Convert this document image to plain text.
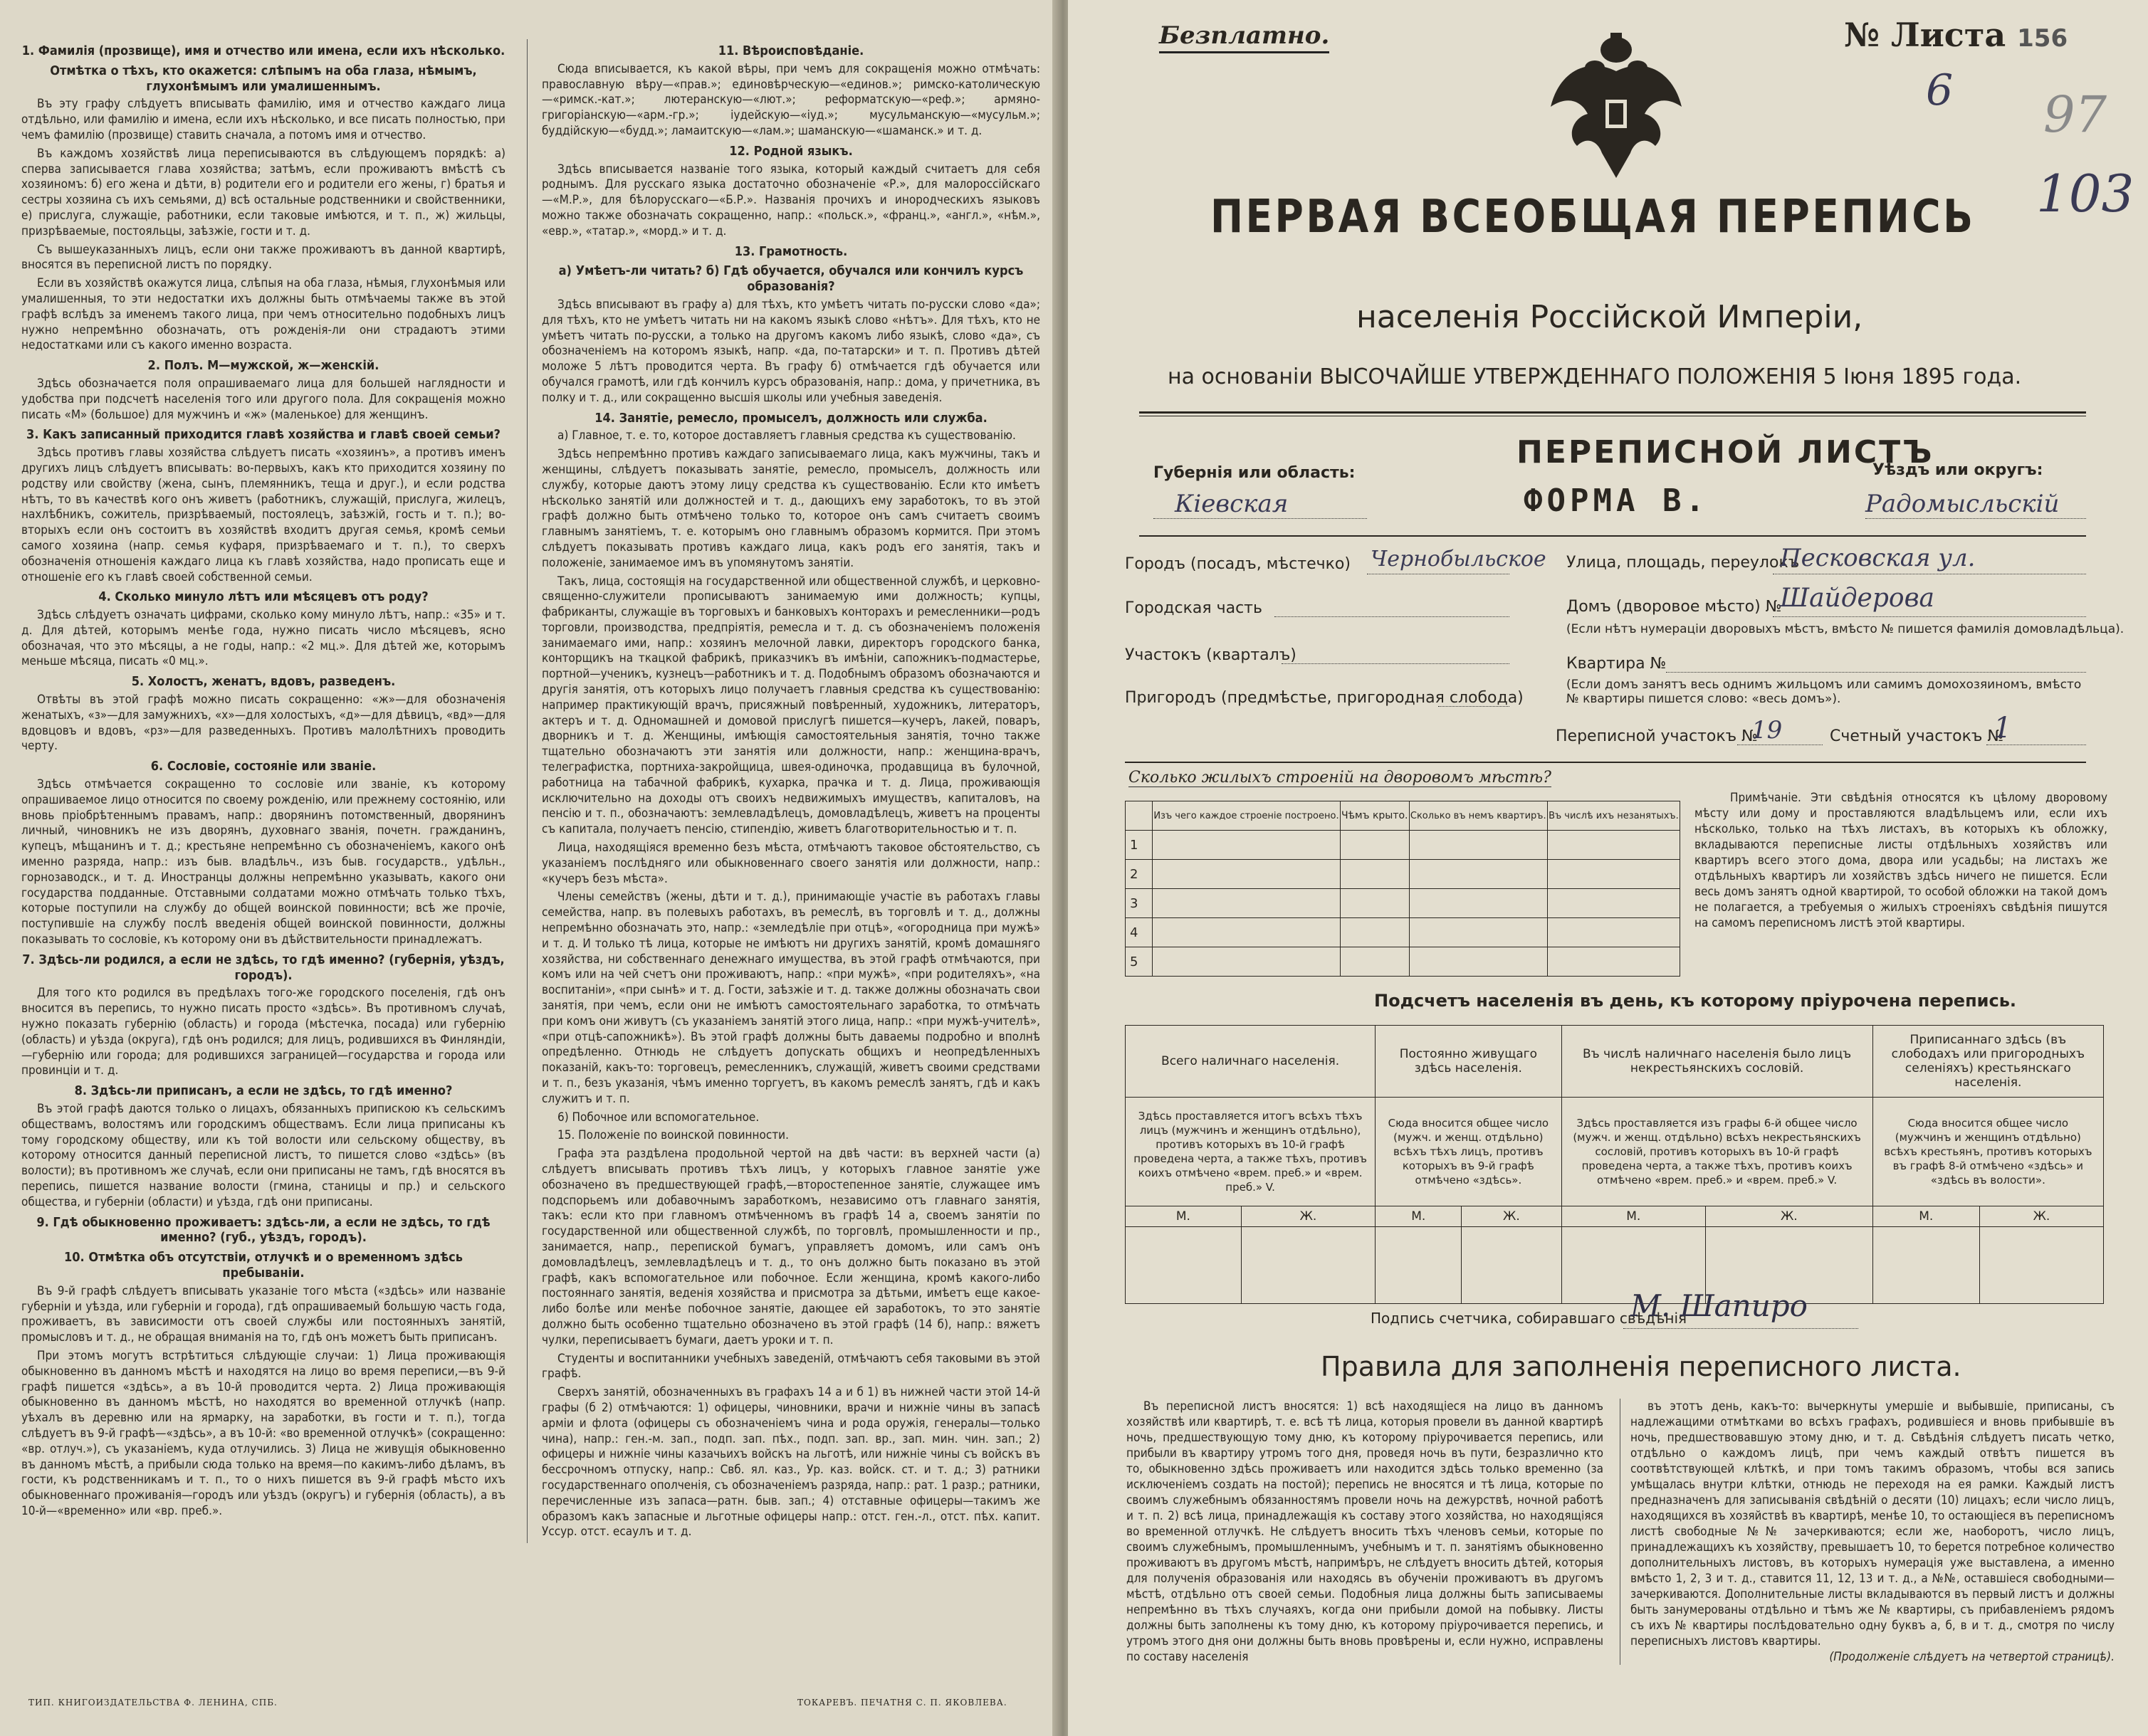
1. Фамилія (прозвище), имя и отчество или имена, если ихъ нѣсколько.

Отмѣтка о тѣхъ, кто окажется: слѣпымъ на оба глаза, нѣмымъ, глухонѣмымъ или умалишеннымъ.

Въ эту графу слѣдуетъ вписывать фамилію, имя и отчество каждаго лица отдѣльно, или фамилію и имена, если ихъ нѣсколько, и все писать полностью, при чемъ фамилію (прозвище) ставить сначала, а потомъ имя и отчество.

Въ каждомъ хозяйствѣ лица переписываются въ слѣдующемъ порядкѣ: а) сперва записывается глава хозяйства; затѣмъ, если проживаютъ вмѣстѣ съ хозяиномъ: б) его жена и дѣти, в) родители его и родители его жены, г) братья и сестры хозяина съ ихъ семьями, д) всѣ остальные родственники и свойственники, е) прислуга, служащіе, работники, если таковые имѣются, и т. п., ж) жильцы, призрѣваемые, постояльцы, заѣзжіе, гости и т. д.

Съ вышеуказанныхъ лицъ, если они также проживаютъ въ данной квартирѣ, вносятся въ переписной листъ по порядку.

Если въ хозяйствѣ окажутся лица, слѣпыя на оба глаза, нѣмыя, глухонѣмыя или умалишенныя, то эти недостатки ихъ должны быть отмѣчаемы также въ этой графѣ вслѣдъ за именемъ такого лица, при чемъ относительно подобныхъ лицъ нужно непремѣнно обозначать, отъ рожденія-ли они страдаютъ этими недостатками или съ какого именно возраста.

2. Полъ. М—мужской, ж—женскій.

Здѣсь обозначается поля опрашиваемаго лица для большей наглядности и удобства при подсчетѣ населенія того или другого пола. Для сокращенія можно писать «М» (большое) для мужчинъ и «ж» (маленькое) для женщинъ.

3. Какъ записанный приходится главѣ хозяйства и главѣ своей семьи?

Здѣсь противъ главы хозяйства слѣдуетъ писать «хозяинъ», а противъ именъ другихъ лицъ слѣдуетъ вписывать: во-первыхъ, какъ кто приходится хозяину по родству или свойству (жена, сынъ, племянникъ, теща и друг.), и если родства нѣтъ, то въ качествѣ кого онъ живетъ (работникъ, служащій, прислуга, жилецъ, нахлѣбникъ, сожитель, призрѣваемый, постоялецъ, заѣзжій, гость и т. п.); во-вторыхъ если онъ состоитъ въ хозяйствѣ входитъ другая семья, кромѣ семьи самого хозяина (напр. семья куфаря, призрѣваемаго и т. п.), то сверхъ обозначенія отношенія каждаго лица къ главѣ хозяйства, надо прописать еще и отношеніе его къ главѣ своей собственной семьи.

4. Сколько минуло лѣтъ или мѣсяцевъ отъ роду?

Здѣсь слѣдуетъ означать цифрами, сколько кому минуло лѣтъ, напр.: «35» и т. д. Для дѣтей, которымъ менѣе года, нужно писать число мѣсяцевъ, ясно обозначая, что это мѣсяцы, а не годы, напр.: «2 мц.». Для дѣтей же, которымъ меньше мѣсяца, писать «0 мц.».

5. Холостъ, женатъ, вдовъ, разведенъ.

Отвѣты въ этой графѣ можно писать сокращенно: «ж»—для обозначенія женатыхъ, «з»—для замужнихъ, «х»—для холостыхъ, «д»—для дѣвицъ, «вд»—для вдовцовъ и вдовъ, «рз»—для разведенныхъ. Противъ малолѣтнихъ проводить черту.

6. Сословіе, состояніе или званіе.

Здѣсь отмѣчается сокращенно то сословіе или званіе, къ которому опрашиваемое лицо относится по своему рожденію, или прежнему состоянію, или вновь пріобрѣтеннымъ правамъ, напр.: дворянинъ потомственный, дворянинъ личный, чиновникъ не изъ дворянъ, духовнаго званія, почетн. гражданинъ, купецъ, мѣщанинъ и т. д.; крестьяне непремѣнно съ обозначеніемъ, какого онѣ именно разряда, напр.: изъ быв. владѣльч., изъ быв. государств., удѣльн., горнозаводск., и т. д. Иностранцы должны непремѣнно указывать, какого они государства подданные. Отставными солдатами можно отмѣчать только тѣхъ, которые поступили на службу до общей воинской повинности; всѣ же прочіе, поступившіе на службу послѣ введенія общей воинской повинности, должны показывать то сословіе, къ которому они въ дѣйствительности принадлежатъ.

7. Здѣсь-ли родился, а если не здѣсь, то гдѣ именно? (губернія, уѣздъ, городъ).

Для того кто родился въ предѣлахъ того-же городского поселенія, гдѣ онъ вносится въ перепись, то нужно писать просто «здѣсь». Въ противномъ случаѣ, нужно показать губернію (область) и города (мѣстечка, посада) или губернію (область) и уѣзда (округа), гдѣ онъ родился; для лицъ, родившихся въ Финляндіи,—губернію или города; для родившихся заграницей—государства и города или провинціи и т. д.

8. Здѣсь-ли приписанъ, а если не здѣсь, то гдѣ именно?

Въ этой графѣ даются только о лицахъ, обязанныхъ припискою къ сельскимъ обществамъ, волостямъ или городскимъ обществамъ. Если лица приписаны къ тому городскому обществу, или къ той волости или сельскому обществу, въ которому относится данный переписной листъ, то пишется слово «здѣсь» (въ волости); въ противномъ же случаѣ, если они приписаны не тамъ, гдѣ вносятся въ перепись, пишется название волости (гмина, станицы и пр.) и сельского общества, и губерніи (области) и уѣзда, гдѣ они приписаны.

9. Гдѣ обыкновенно проживаетъ: здѣсь-ли, а если не здѣсь, то гдѣ именно? (губ., уѣздъ, городъ).

10. Отмѣтка объ отсутствіи, отлучкѣ и о временномъ здѣсь пребываніи.

Въ 9-й графѣ слѣдуетъ вписывать указаніе того мѣста («здѣсь» или названіе губерніи и уѣзда, или губерніи и города), гдѣ опрашиваемый большую часть года, проживаетъ, въ зависимости отъ своей службы или постоянныхъ занятій, промысловъ и т. д., не обращая вниманія на то, гдѣ онъ можетъ быть приписанъ.

При этомъ могутъ встрѣтиться слѣдующіе случаи: 1) Лица проживающія обыкновенно въ данномъ мѣстѣ и находятся на лицо во время переписи,—въ 9-й графѣ пишется «здѣсь», а въ 10-й проводится черта. 2) Лица проживающія обыкновенно въ данномъ мѣстѣ, но находятся во временной отлучкѣ (напр. уѣхалъ въ деревню или на ярмарку, на заработки, въ гости и т. п.), тогда слѣдуетъ въ 9-й графѣ—«здѣсь», а въ 10-й: «во временной отлучкѣ» (сокращенно: «вр. отлуч.»), съ указаніемъ, куда отлучились. 3) Лица не живущія обыкновенно въ данномъ мѣстѣ, а прибыли сюда только на время—по какимъ-либо дѣламъ, въ гости, къ родственникамъ и т. п., то о нихъ пишется въ 9-й графѣ мѣсто ихъ обыкновеннаго проживанія—городъ или уѣздъ (округъ) и губернія (область), а въ 10-й—«временно» или «вр. преб.».

11. Вѣроисповѣданіе.

Сюда вписывается, къ какой вѣры, при чемъ для сокращенія можно отмѣчать: православную вѣру—«прав.»; единовѣрческую—«единов.»; римско-католическую—«римск.-кат.»; лютеранскую—«лют.»; реформатскую—«реф.»; армяно-григоріанскую—«арм.-гр.»; іудейскую—«іуд.»; мусульманскую—«мусульм.»; буддійскую—«будд.»; ламаитскую—«лам.»; шаманскую—«шаманск.» и т. д.

12. Родной языкъ.

Здѣсь вписывается названіе того языка, который каждый считаетъ для себя роднымъ. Для русскаго языка достаточно обозначеніе «Р.», для малороссійскаго—«М.Р.», для бѣлорусскаго—«Б.Р.». Названія прочихъ и инородческихъ языковъ можно также обозначать сокращенно, напр.: «польск.», «франц.», «англ.», «нѣм.», «евр.», «татар.», «морд.» и т. д.

13. Грамотность.

а) Умѣетъ-ли читать? б) Гдѣ обучается, обучался или кончилъ курсъ образованія?

Здѣсь вписывают въ графу а) для тѣхъ, кто умѣетъ читать по-русски слово «да»; для тѣхъ, кто не умѣетъ читать ни на какомъ языкѣ слово «нѣтъ». Для тѣхъ, кто не умѣетъ читать по-русски, а только на другомъ какомъ либо языкѣ, слово «да», съ обозначеніемъ на которомъ языкѣ, напр. «да, по-татарски» и т. п. Противъ дѣтей моложе 5 лѣтъ проводится черта. Въ графу б) отмѣчается гдѣ обучается или обучался грамотѣ, или гдѣ кончилъ курсъ образованія, напр.: дома, у причетника, въ полку и т. д., или сокращенно высшія школы или учебныя заведенія.

14. Занятіе, ремесло, промыселъ, должность или служба.

а) Главное, т. е. то, которое доставляетъ главныя средства къ существованію.

Здѣсь непремѣнно противъ каждаго записываемаго лица, какъ мужчины, такъ и женщины, слѣдуетъ показывать занятіе, ремесло, промыселъ, должность или службу, которые даютъ этому лицу средства къ существованію. Если кто имѣетъ нѣсколько занятій или должностей и т. д., дающихъ ему заработокъ, то въ этой графѣ должно быть отмѣчено только то, которое онъ самъ считаетъ своимъ главнымъ занятіемъ, т. е. которымъ оно главнымъ образомъ кормится. При этомъ слѣдуетъ показывать противъ каждаго лица, какъ родъ его занятія, такъ и положеніе, занимаемое имъ въ упомянутомъ занятіи.

Такъ, лица, состоящія на государственной или общественной службѣ, и церковно-священно-служители прописываютъ занимаемую ими должность; купцы, фабриканты, служащіе въ торговыхъ и банковыхъ конторахъ и ремесленники—родъ торговли, производства, предпріятія, ремесла и т. д. съ обозначеніемъ положенія занимаемаго ими, напр.: хозяинъ мелочной лавки, директоръ городского банка, конторщикъ на ткацкой фабрикѣ, приказчикъ въ имѣніи, сапожникъ-подмастерье, портной—ученикъ, кузнецъ—работникъ и т. д. Подобнымъ образомъ обозначаются и другія занятія, отъ которыхъ лицо получаетъ главныя средства къ существованію: например практикующій врачъ, присяжный повѣренный, художникъ, литераторъ, актеръ и т. д. Одномашней и домовой прислугѣ пишется—кучеръ, лакей, поваръ, дворникъ и т. д. Женщины, имѣющія самостоятельныя занятія, точно также тщательно обозначаютъ эти занятія или должности, напр.: женщина-врачъ, телеграфистка, портниха-закройщица, швея-одиночка, продавщица въ булочной, работница на табачной фабрикѣ, кухарка, прачка и т. д. Лица, проживающія исключительно на доходы отъ своихъ недвижимыхъ имуществъ, капиталовъ, на пенсію и т. п., обозначаютъ: землевладѣлецъ, домовладѣлецъ, живетъ на проценты съ капитала, получаетъ пенсію, стипендію, живетъ благотворительностью и т. п.

Лица, находящіяся временно безъ мѣста, отмѣчаютъ таковое обстоятельство, съ указаніемъ послѣдняго или обыкновеннаго своего занятія или должности, напр.: «кучеръ безъ мѣста».

Члены семействъ (жены, дѣти и т. д.), принимающіе участіе въ работахъ главы семейства, напр. въ полевыхъ работахъ, въ ремеслѣ, въ торговлѣ и т. д., должны непремѣнно обозначать это, напр.: «земледѣліе при отцѣ», «огородница при мужѣ» и т. д. И только тѣ лица, которые не имѣютъ ни другихъ занятій, кромѣ домашняго хозяйства, ни собственнаго денежнаго имущества, въ этой графѣ отмѣчаются, при комъ или на чей счетъ они проживаютъ, напр.: «при мужѣ», «при родителяхъ», «на воспитаніи», «при сынѣ» и т. д. Гости, заѣзжіе и т. д. также должны обозначать свои занятія, при чемъ, если они не имѣютъ самостоятельнаго заработка, то отмѣчать при комъ они живутъ (съ указаніемъ занятій этого лица, напр.: «при мужѣ-учителѣ», «при отцѣ-сапожникѣ»). Въ этой графѣ должны быть даваемы подробно и вполнѣ опредѣленно. Отнюдь не слѣдуетъ допускать общихъ и неопредѣленныхъ показаній, какъ-то: торговецъ, ремесленникъ, служащій, живетъ своими средствами и т. п., безъ указанія, чѣмъ именно торгуетъ, въ какомъ ремеслѣ занятъ, гдѣ и какъ служитъ и т. п.

6) Побочное или вспомогательное.

15. Положеніе по воинской повинности.

Графа эта раздѣлена продольной чертой на двѣ части: въ верхней части (а) слѣдуетъ вписывать противъ тѣхъ лицъ, у которыхъ главное занятіе уже обозначено въ предшествующей графѣ,—второстепенное занятіе, служащее имъ подспорьемъ или добавочнымъ заработкомъ, независимо отъ главнаго занятія, такъ: если кто при главномъ отмѣченномъ въ графѣ 14 а, своемъ занятіи по государственной или общественной службѣ, по торговлѣ, промышленности и пр., занимается, напр., перепиской бумагъ, управляетъ домомъ, или самъ онъ домовладѣлецъ, землевладѣлецъ и т. д., то онъ должно быть показано въ этой графѣ, какъ вспомогательное или побочное. Если женщина, кромѣ какого-либо постояннаго занятія, веденія хозяйства и присмотра за дѣтьми, имѣетъ еще какое-либо болѣе или менѣе побочное занятіе, дающее ей заработокъ, то это занятіе должно быть особенно тщательно обозначено въ этой графѣ (14 б), напр.: вяжетъ чулки, переписываетъ бумаги, даетъ уроки и т. п.

Студенты и воспитанники учебныхъ заведеній, отмѣчаютъ себя таковыми въ этой графѣ.

Сверхъ занятій, обозначенныхъ въ графахъ 14 а и б 1) въ нижней части этой 14-й графы (б 2) отмѣчаются: 1) офицеры, чиновники, врачи и нижніе чины въ запасѣ арміи и флота (офицеры съ обозначеніемъ чина и рода оружія, генералы—только чина), напр.: ген.-м. зап., подп. зап. пѣх., подп. зап. вр., зап. мин. чин. зап.; 2) офицеры и нижніе чины казачьихъ войскъ на льготѣ, или нижніе чины съ войскъ въ бессрочномъ отпуску, напр.: Свб. ял. каз., Ур. каз. войск. ст. и т. д.; 3) ратники государственнаго ополченія, съ обозначеніемъ разряда, напр.: рат. 1 разр.; ратники, перечисленные изъ запаса—ратн. быв. зап.; 4) отставные офицеры—такимъ же образомъ какъ запасные и льготные офицеры напр.: отст. ген.-л., отст. пѣх. капит. Уссур. отст. есаулъ и т. д.

ТИП. КНИГОИЗДАТЕЛЬСТВА Ф. ЛЕНИНА, СПБ.	ТОКАРЕВЪ. ПЕЧАТНЯ С. П. ЯКОВЛЕВА.
Безплатно.	№ Листа 156
6 97
103
ПЕРВАЯ ВСЕОБЩАЯ ПЕРЕПИСЬ
населенія Россійской Имперіи,
на основаніи ВЫСОЧАЙШЕ УТВЕРЖДЕННАГО ПОЛОЖЕНІЯ 5 Іюня 1895 года.
ПЕРЕПИСНОЙ ЛИСТЪ
ФОРМА В.
Губернія или область:
Кіевская
Уѣздъ или округъ:
Радомысльскій
Городъ (посадъ, мѣстечко) Чернобыльское Улица, площадь, переулокъ
Песковская ул.
Городская часть	Домъ (дворовое мѣсто) №
Шайдерова
(Если нѣтъ нумераціи дворовыхъ мѣстъ, вмѣсто № пишется фамилія домовладѣльца).
Участокъ (кварталъ)	Квартира №
(Если домъ занятъ весь однимъ жильцомъ или самимъ домохозяиномъ, вмѣсто № квартиры пишется слово: «весь домъ»).
Пригородъ (предмѣстье, пригородная слобода)
Переписной участокъ №
19	Счетный участокъ №
1
Сколько жилыхъ строеній на дворовомъ мѣстѣ?
	Изъ чего каждое строеніе построено.	Чѣмъ крыто.	Сколько въ немъ квартиръ.	Въ числѣ ихъ незанятыхъ.
1				
2				
3				
4				
5				
Примѣчаніе. Эти свѣдѣнія относятся къ цѣлому дворовому мѣсту или дому и проставляются владѣльцемъ или, если ихъ нѣсколько, только на тѣхъ листахъ, въ которыхъ къ обложку, вкладываются переписные листы отдѣльныхъ хозяйствъ или квартиръ всего этого дома, двора или усадьбы; на листахъ же отдѣльныхъ квартиръ ли хозяйствъ здѣсь ничего не пишется. Если весь домъ занятъ одной квартирой, то особой обложки на такой домъ не полагается, а требуемыя о жилыхъ строеніяхъ свѣдѣнія пишутся на самомъ переписномъ листѣ этой квартиры.
Подсчетъ населенія въ день, къ которому пріурочена перепись.
Всего наличнаго населенія.		Постоянно живущаго здѣсь населенія.		Въ числѣ наличнаго населенія было лицъ некрестьянскихъ сословій.		Приписаннаго здѣсь (въ слободахъ или пригородныхъ селеніяхъ) крестьянскаго населенія.	
Здѣсь проставляется итогъ всѣхъ тѣхъ лицъ (мужчинъ и женщинъ отдѣльно), противъ которыхъ въ 10-й графѣ проведена черта, а также тѣхъ, противъ коихъ отмѣчено «врем. преб.» и «врем. преб.» V.		Сюда вносится общее число (мужч. и женщ. отдѣльно) всѣхъ тѣхъ лицъ, противъ которыхъ въ 9-й графѣ отмѣчено «здѣсь».		Здѣсь проставляется изъ графы 6-й общее число (мужч. и женщ. отдѣльно) всѣхъ некрестьянскихъ сословій, противъ которыхъ въ 10-й графѣ проведена черта, а также тѣхъ, противъ коихъ отмѣчено «врем. преб.» и «врем. преб.» V.		Сюда вносится общее число (мужчинъ и женщинъ отдѣльно) всѣхъ крестьянъ, противъ которыхъ въ графѣ 8-й отмѣчено «здѣсь» и «здѣсь въ волости».	
М.	Ж.	М.	Ж.	М.	Ж.	М.	Ж.

Подпись счетчика, собиравшаго свѣдѣнія
М. Шапиро
Правила для заполненія переписного листа.

Въ переписной листъ вносятся: 1) всѣ находящіеся на лицо въ данномъ хозяйствѣ или квартирѣ, т. е. всѣ тѣ лица, которыя провели въ данной квартирѣ ночь, предшествующую тому дню, къ которому пріурочивается перепись, или прибыли въ квартиру утромъ того дня, проведя ночь въ пути, безразлично кто то, обыкновенно здѣсь проживаетъ или находится здѣсь только временно (за исключеніемъ создать на постой); перепись не вносятся и тѣ лица, которые по своимъ служебнымъ обязанностямъ провели ночь на дежурствѣ, ночной работѣ и т. п. 2) всѣ лица, принадлежащія къ составу этого хозяйства, но находящіяся во временной отлучкѣ. Не слѣдуетъ вносить тѣхъ членовъ семьи, которые по своимъ служебнымъ, промышленнымъ, учебнымъ и т. п. занятіямъ обыкновенно проживаютъ въ другомъ мѣстѣ, напримѣръ, не слѣдуетъ вносить дѣтей, которыя для полученія образованія или находясь въ обученіи проживаютъ въ другомъ мѣстѣ, отдѣльно отъ своей семьи. Подобныя лица должны быть записываемы непремѣнно въ тѣхъ случаяхъ, когда они прибыли домой на побывку. Листы должны быть заполнены къ тому дню, къ которому пріурочивается перепись, и утромъ этого дня они должны быть вновь провѣрены и, если нужно, исправлены по составу населенія

въ этотъ день, какъ-то: вычеркнуты умершіе и выбывшіе, приписаны, съ надлежащими отмѣтками во всѣхъ графахъ, родившіеся и вновь прибывшіе въ ночь, предшествовавшую этому дню, и т. д. Свѣдѣнія слѣдуетъ писать четко, отдѣльно о каждомъ лицѣ, при чемъ каждый отвѣтъ пишется въ соотвѣтствующей клѣткѣ, и при томъ такимъ образомъ, чтобы вся запись умѣщалась внутри клѣтки, отнюдь не переходя на ея рамки. Каждый листъ предназначенъ для записыванія свѣдѣній о десяти (10) лицахъ; если число лицъ, находящихся въ хозяйствѣ въ квартирѣ, менѣе 10, то остающіеся въ переписномъ листѣ свободные №№ зачеркиваются; если же, наоборотъ, число лицъ, принадлежащихъ къ хозяйству, превышаетъ 10, то берется потребное количество дополнительныхъ листовъ, въ которыхъ нумерація уже выставлена, а именно вмѣсто 1, 2, 3 и т. д., ставится 11, 12, 13 и т. д., а №№, оставшіеся свободными—зачеркиваются. Дополнительные листы вкладываются въ первый листъ и должны быть занумерованы отдѣльно и тѣмъ же № квартиры, съ прибавленіемъ рядомъ съ ихъ № квартиры послѣдовательно одну буквъ а, б, в и т. д., смотря по числу переписныхъ листовъ квартиры.

(Продолженіе слѣдуетъ на четвертой страницѣ).
